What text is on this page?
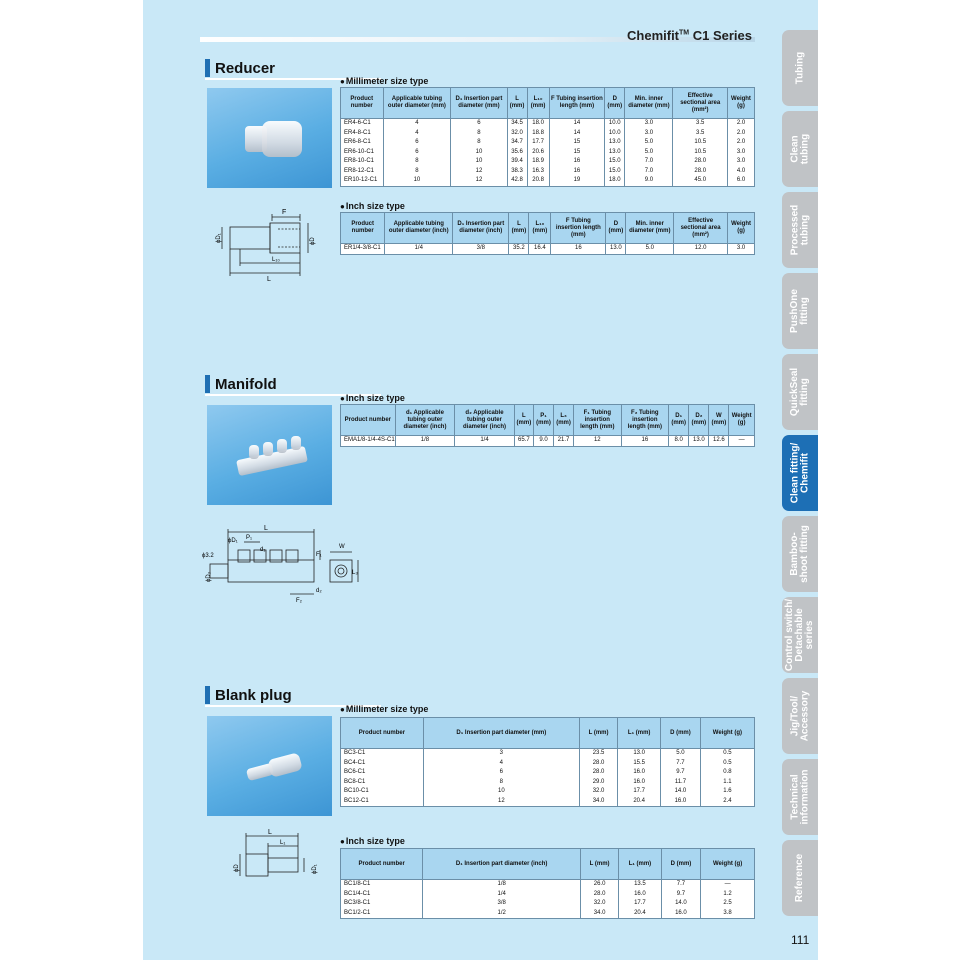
Chemifit™ C1 Series
Reducer
● Millimeter size type
Product number	Applicable tubing outer diameter (mm)	D₁ Insertion part diameter (mm)	L (mm)	L₁₀ (mm)	F Tubing insertion length (mm)	D (mm)	Min. inner diameter (mm)	Effective sectional area (mm²)	Weight (g)
ER4-6-C1	4	6	34.5	18.0	14	10.0	3.0	3.5	2.0
ER4-8-C1	4	8	32.0	18.8	14	10.0	3.0	3.5	2.0
ER6-8-C1	6	8	34.7	17.7	15	13.0	5.0	10.5	2.0
ER6-10-C1	6	10	35.6	20.6	15	13.0	5.0	10.5	3.0
ER8-10-C1	8	10	39.4	18.9	16	15.0	7.0	28.0	3.0
ER8-12-C1	8	12	38.3	16.3	16	15.0	7.0	28.0	4.0
ER10-12-C1	10	12	42.8	20.8	19	18.0	9.0	45.0	6.0
● Inch size type
Product number	Applicable tubing outer diameter (inch)	D₁ Insertion part diameter (inch)	L (mm)	L₁₀ (mm)	F Tubing insertion length (mm)	D (mm)	Min. inner diameter (mm)	Effective sectional area (mm²)	Weight (g)
ER1/4-3/8-C1	1/4	3/8	35.2	16.4	16	13.0	5.0	12.0	3.0
F
ϕD₁	ϕD
L₁₀
L
Manifold
● Inch size type
Product number	d₁ Applicable tubing outer diameter (inch)	d₂ Applicable tubing outer diameter (inch)	L (mm)	P₁ (mm)	L₃ (mm)	F₁ Tubing insertion length (mm)	F₂ Tubing insertion length (mm)	D₁ (mm)	D₂ (mm)	W (mm)	Weight (g)
EMA1/8-1/4-4S-C1	1/8	1/4	65.7	9.0	21.7	12	16	8.0	13.0	12.6	—
L
ϕD₁ P₁
d₁
ϕ3.2
ϕD₂
F₁
F₂
d₂
W
L₃
Blank plug
● Millimeter size type
Product number	D₁ Insertion part diameter (mm)	L (mm)	L₁ (mm)	D (mm)	Weight (g)
BC3-C1	3	23.5	13.0	5.0	0.5
BC4-C1	4	28.0	15.5	7.7	0.5
BC6-C1	6	28.0	16.0	9.7	0.8
BC8-C1	8	29.0	16.0	11.7	1.1
BC10-C1	10	32.0	17.7	14.0	1.6
BC12-C1	12	34.0	20.4	16.0	2.4
● Inch size type
Product number	D₁ Insertion part diameter (inch)	L (mm)	L₁ (mm)	D (mm)	Weight (g)
BC1/8-C1	1/8	26.0	13.5	7.7	—
BC1/4-C1	1/4	28.0	16.0	9.7	1.2
BC3/8-C1	3/8	32.0	17.7	14.0	2.5
BC1/2-C1	1/2	34.0	20.4	16.0	3.8
L
L₁
ϕD	ϕD₁
Tubing
Clean
tubing
Processed
tubing
PushOne
fitting
QuickSeal
fitting
Clean fitting/
Chemifit
Bamboo-
shoot fitting
Control switch/
Detachable
series
Jig/Tool/
Accessory
Technical
information
Reference
111
